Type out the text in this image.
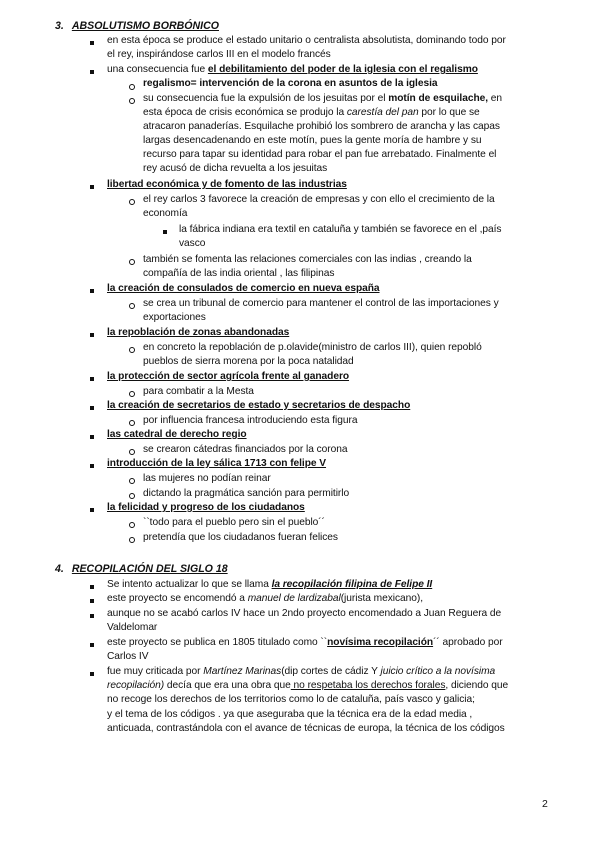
3. ABSOLUTISMO BORBÓNICO
en esta época se produce el estado unitario o centralista absolutista, dominando todo por
el rey, inspirándose carlos III en el modelo francés
una consecuencia fue el debilitamiento del poder de la iglesia con el regalismo
regalismo= intervención de la corona en asuntos de la iglesia
su consecuencia fue la expulsión de los jesuitas por el motín de esquilache, en
esta época de crisis económica se produjo la carestía del pan por lo que se
atracaron panaderías. Esquilache prohibió los sombrero de arancha y las capas
largas desencadenando en este motín, pues la gente moría de hambre y su
recurso para tapar su identidad para robar el pan fue arrebatado. Finalmente el
rey acusó de dicha revuelta a los jesuitas
libertad económica y de fomento de las industrias
el rey carlos 3 favorece la creación de empresas y con ello el crecimiento de la
economía
la fábrica indiana era textil en cataluña y también se favorece en el ,país
vasco
también se fomenta las relaciones comerciales con las indias , creando la
compañía de las india oriental , las filipinas
la creación de consulados de comercio en nueva españa
se crea un tribunal de comercio para mantener el control de las importaciones y
exportaciones
la repoblación de zonas abandonadas
en concreto la repoblación de p.olavide(ministro de carlos III), quien repobló
pueblos de sierra morena por la poca natalidad
la protección de sector agrícola frente al ganadero
para combatir a la Mesta
la creación de secretarios de estado y secretarios de despacho
por influencia francesa introduciendo esta figura
las catedral de derecho regio
se crearon cátedras financiados por la corona
introducción de la ley sálica 1713 con felipe V
las mujeres no podían reinar
dictando la pragmática sanción para permitirlo
la felicidad y progreso de los ciudadanos
``todo para el pueblo pero sin el pueblo´´
pretendía que los ciudadanos fueran felices
4. RECOPILACIÓN DEL SIGLO 18
Se intento actualizar lo que se llama la recopilación filipina de Felipe II
este proyecto se encomendó a manuel de lardizabal(jurista mexicano),
aunque no se acabó carlos IV hace un 2ndo proyecto encomendado a Juan Reguera de
Valdelomar
este proyecto se publica en 1805 titulado como ``novísima recopilación´´ aprobado por
Carlos IV
fue muy criticada por Martínez Marinas(dip cortes de cádiz Y juicio crítico a la novísima
recopilación) decía que era una obra que no respetaba los derechos forales, diciendo que
no recoge los derechos de los territorios como lo de cataluña, país vasco y galicia;
y el tema de los códigos . ya que aseguraba que la técnica era de la edad media ,
anticuada, contrastándola con el avance de técnicas de europa, la técnica de los códigos
2
